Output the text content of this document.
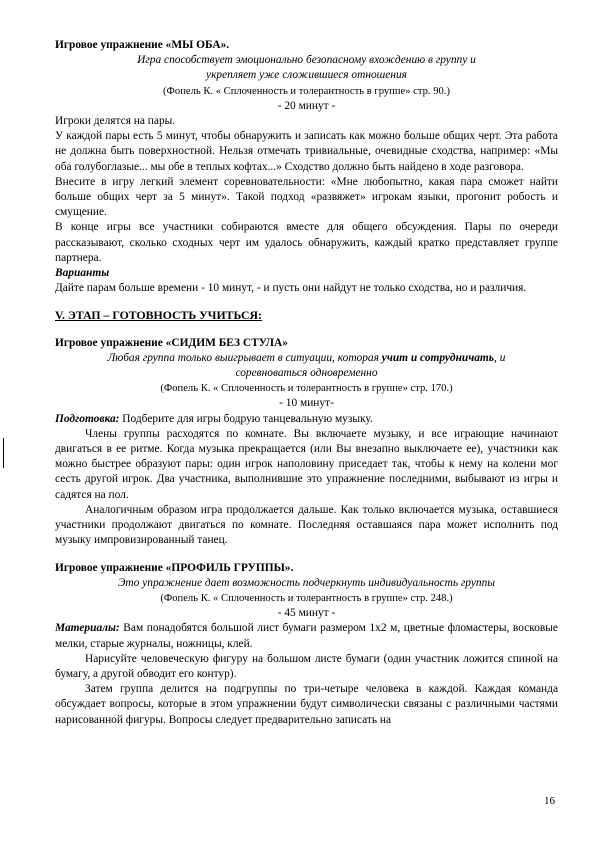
Игровое упражнение «МЫ ОБА».

Игра способствует эмоционально безопасному вхождению в группу и

укрепляет уже сложившиеся отношения

(Фопель К. « Сплоченность и толерантность в группе» стр. 90.)

- 20 минут -

Игроки делятся на пары.

У каждой пары есть 5 минут, чтобы обнаружить и записать как можно больше общих черт. Эта работа не должна быть поверхностной. Нельзя отмечать тривиальные, очевидные сходства, например: «Мы оба голубоглазые... мы обе в теплых кофтах...» Сходство должно быть найдено в ходе разговора.

Внесите в игру легкий элемент соревновательности: «Мне любопытно, какая пара сможет найти больше общих черт за 5 минут». Такой подход «развяжет» игрокам языки, прогонит робость и смущение.

В конце игры все участники собираются вместе для общего обсуждения. Пары по очереди рассказывают, сколько сходных черт им удалось обнаружить, каждый кратко представляет группе партнера.

Варианты

Дайте парам больше времени - 10 минут, - и пусть они найдут не только сходства, но и различия.

V. ЭТАП – ГОТОВНОСТЬ УЧИТЬСЯ:

Игровое упражнение «СИДИМ БЕЗ СТУЛА»

Любая группа только выигрывает в ситуации, которая учит и сотрудничать, и

соревноваться одновременно

(Фопель К. « Сплоченность и толерантность в группе» стр. 170.)

- 10 минут-

Подготовка: Подберите для игры бодрую танцевальную музыку.

Члены группы расходятся по комнате. Вы включаете музыку, и все играющие начинают двигаться в ее ритме. Когда музыка прекращается (или Вы внезапно выключаете ее), участники как можно быстрее образуют пары: один игрок наполовину приседает так, чтобы к нему на колени мог сесть другой игрок. Два участника, выполнившие это упражнение последними, выбывают из игры и садятся на пол.

Аналогичным образом игра продолжается дальше. Как только включается музыка, оставшиеся участники продолжают двигаться по комнате. Последняя оставшаяся пара может исполнить под музыку импровизированный танец.

Игровое упражнение «ПРОФИЛЬ ГРУППЫ».

Это упражнение дает возможность подчеркнуть индивидуальность группы

(Фопель К. « Сплоченность и толерантность в группе» стр. 248.)

- 45 минут -

Материалы: Вам понадобятся большой лист бумаги размером 1х2 м, цветные фломастеры, восковые мелки, старые журналы, ножницы, клей.

Нарисуйте человеческую фигуру на большом листе бумаги (один участник ложится спиной на бумагу, а другой обводит его контур).

Затем группа делится на подгруппы по три-четыре человека в каждой. Каждая команда обсуждает вопросы, которые в этом упражнении будут символически связаны с различными частями нарисованной фигуры. Вопросы следует предварительно записать на

16
